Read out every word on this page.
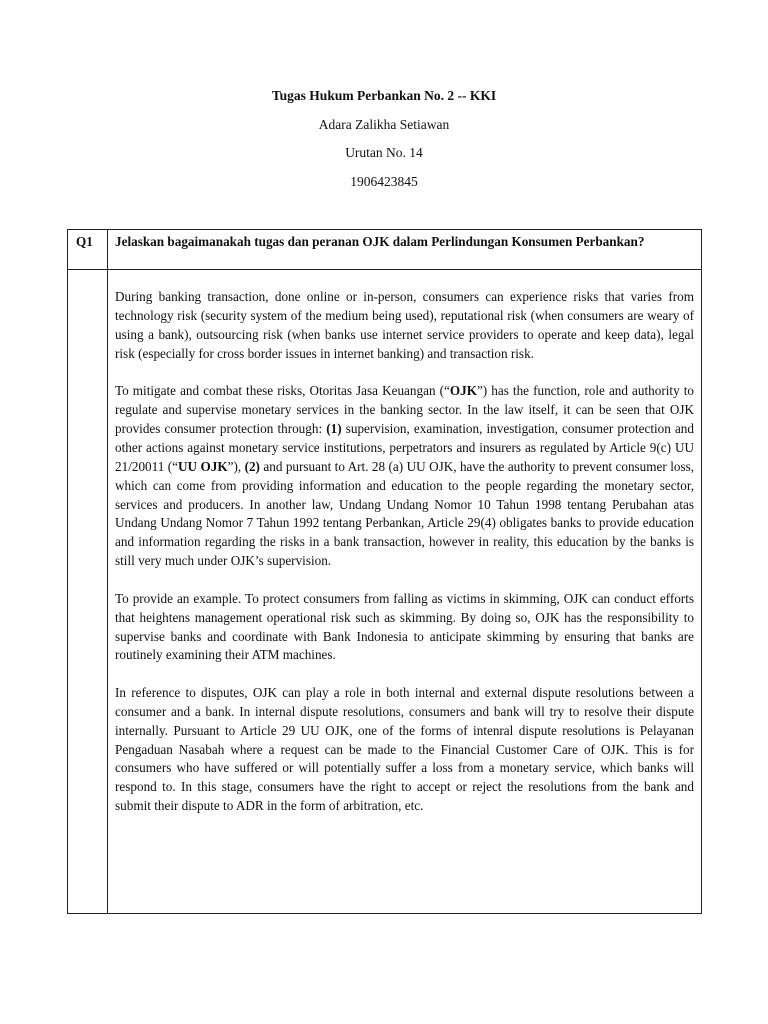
Tugas Hukum Perbankan No. 2 -- KKI
Adara Zalikha Setiawan
Urutan No. 14
1906423845
Q1	Jelaskan bagaimanakah tugas dan peranan OJK dalam Perlindungan Konsumen Perbankan?

	During banking transaction, done online or in-person, consumers can experience risks that varies from technology risk (security system of the medium being used), reputational risk (when consumers are weary of using a bank), outsourcing risk (when banks use internet service providers to operate and keep data), legal risk (especially for cross border issues in internet banking) and transaction risk.

To mitigate and combat these risks, Otoritas Jasa Keuangan (“OJK”) has the function, role and authority to regulate and supervise monetary services in the banking sector. In the law itself, it can be seen that OJK provides consumer protection through: (1) supervision, examination, investigation, consumer protection and other actions against monetary service institutions, perpetrators and insurers as regulated by Article 9(c) UU 21/20011 (“UU OJK”), (2) and pursuant to Art. 28 (a) UU OJK, have the authority to prevent consumer loss, which can come from providing information and education to the people regarding the monetary sector, services and producers. In another law, Undang Undang Nomor 10 Tahun 1998 tentang Perubahan atas Undang Undang Nomor 7 Tahun 1992 tentang Perbankan, Article 29(4) obligates banks to provide education and information regarding the risks in a bank transaction, however in reality, this education by the banks is still very much under OJK’s supervision.

To provide an example. To protect consumers from falling as victims in skimming, OJK can conduct efforts that heightens management operational risk such as skimming. By doing so, OJK has the responsibility to supervise banks and coordinate with Bank Indonesia to anticipate skimming by ensuring that banks are routinely examining their ATM machines.

In reference to disputes, OJK can play a role in both internal and external dispute resolutions between a consumer and a bank. In internal dispute resolutions, consumers and bank will try to resolve their dispute internally. Pursuant to Article 29 UU OJK, one of the forms of intenral dispute resolutions is Pelayanan Pengaduan Nasabah where a request can be made to the Financial Customer Care of OJK. This is for consumers who have suffered or will potentially suffer a loss from a monetary service, which banks will respond to. In this stage, consumers have the right to accept or reject the resolutions from the bank and submit their dispute to ADR in the form of arbitration, etc.
